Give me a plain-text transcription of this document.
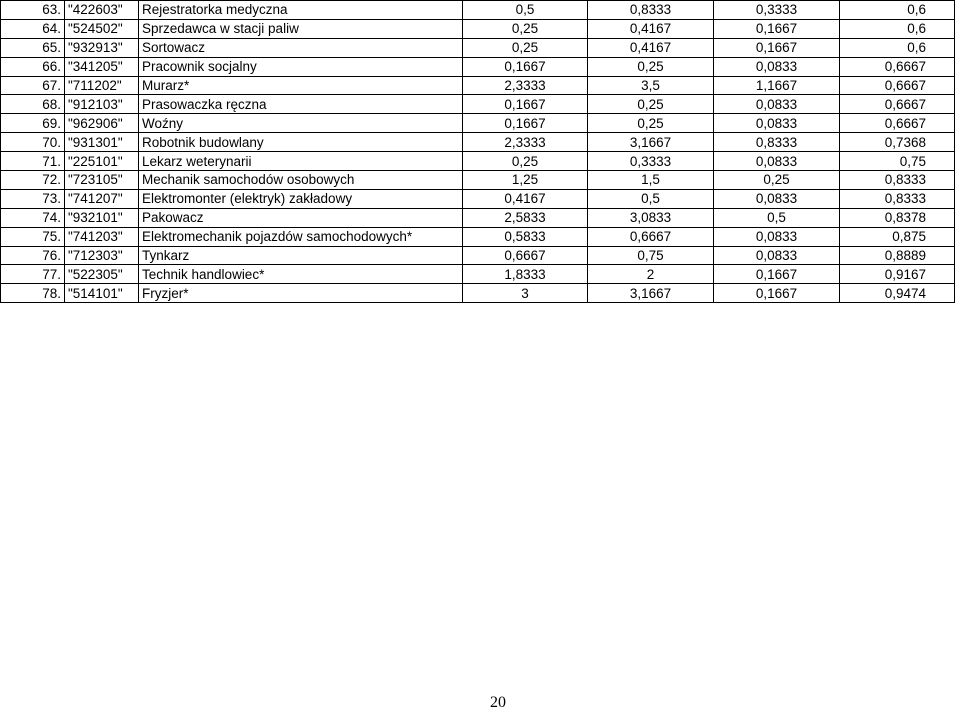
63.	"422603"	Rejestratorka medyczna	0,5	0,8333	0,3333	0,6
64.	"524502"	Sprzedawca w stacji paliw	0,25	0,4167	0,1667	0,6
65.	"932913"	Sortowacz	0,25	0,4167	0,1667	0,6
66.	"341205"	Pracownik socjalny	0,1667	0,25	0,0833	0,6667
67.	"711202"	Murarz*	2,3333	3,5	1,1667	0,6667
68.	"912103"	Prasowaczka ręczna	0,1667	0,25	0,0833	0,6667
69.	"962906"	Woźny	0,1667	0,25	0,0833	0,6667
70.	"931301"	Robotnik budowlany	2,3333	3,1667	0,8333	0,7368
71.	"225101"	Lekarz weterynarii	0,25	0,3333	0,0833	0,75
72.	"723105"	Mechanik samochodów osobowych	1,25	1,5	0,25	0,8333
73.	"741207"	Elektromonter (elektryk) zakładowy	0,4167	0,5	0,0833	0,8333
74.	"932101"	Pakowacz	2,5833	3,0833	0,5	0,8378
75.	"741203"	Elektromechanik pojazdów samochodowych*	0,5833	0,6667	0,0833	0,875
76.	"712303"	Tynkarz	0,6667	0,75	0,0833	0,8889
77.	"522305"	Technik handlowiec*	1,8333	2	0,1667	0,9167
78.	"514101"	Fryzjer*	3	3,1667	0,1667	0,9474
20
